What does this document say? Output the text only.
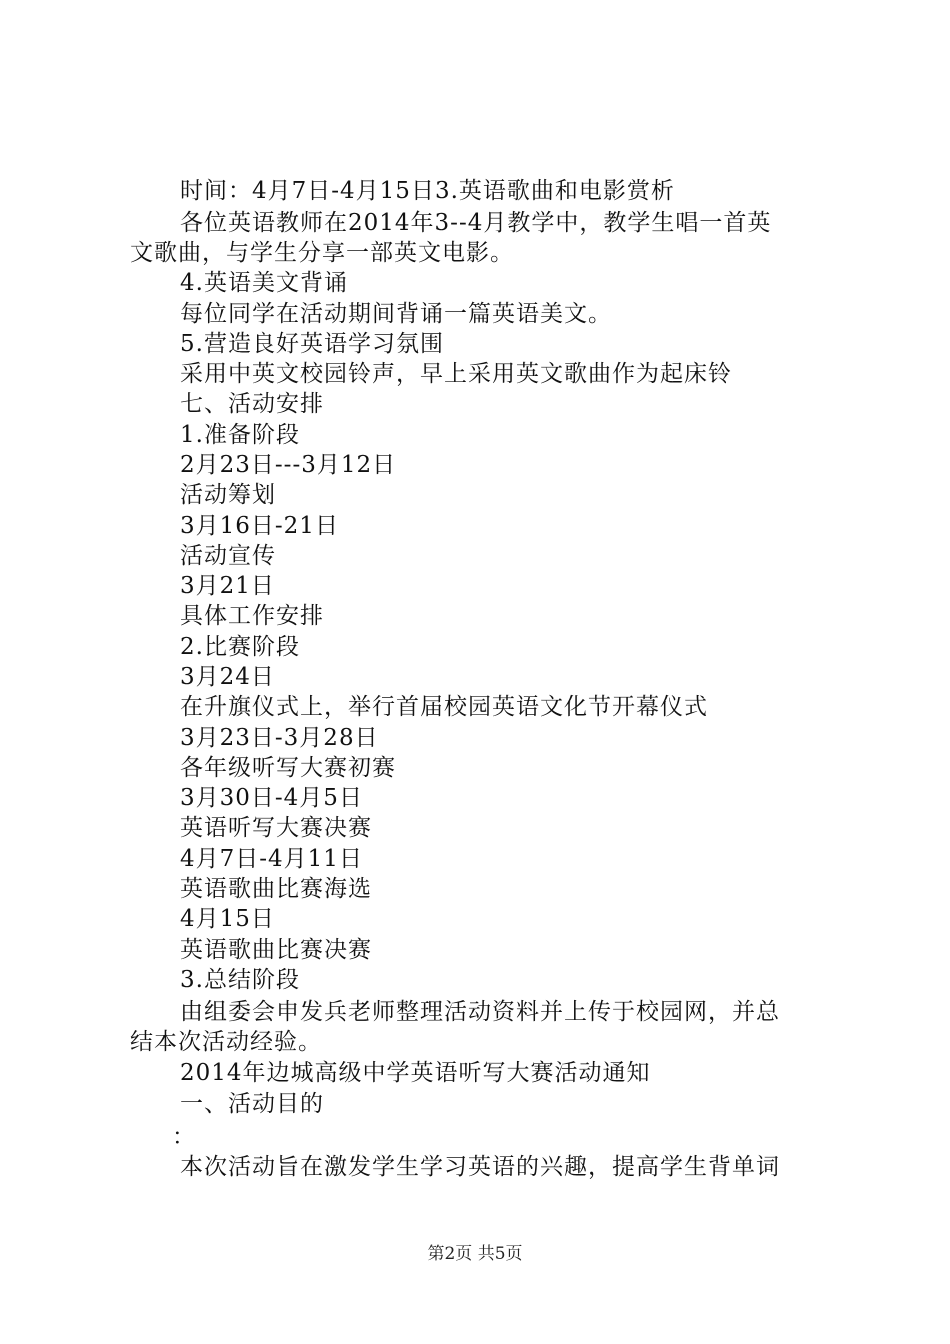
时间：4月7日-4月15日3.英语歌曲和电影赏析
各位英语教师在2014年3--4月教学中，教学生唱一首英
文歌曲，与学生分享一部英文电影。
4.英语美文背诵
每位同学在活动期间背诵一篇英语美文。
5.营造良好英语学习氛围
采用中英文校园铃声，早上采用英文歌曲作为起床铃
七、活动安排
1.准备阶段
2月23日---3月12日
活动筹划
3月16日-21日
活动宣传
3月21日
具体工作安排
2.比赛阶段
3月24日
在升旗仪式上，举行首届校园英语文化节开幕仪式
3月23日-3月28日
各年级听写大赛初赛
3月30日-4月5日
英语听写大赛决赛
4月7日-4月11日
英语歌曲比赛海选
4月15日
英语歌曲比赛决赛
3.总结阶段
由组委会申发兵老师整理活动资料并上传于校园网，并总
结本次活动经验。
2014年边城高级中学英语听写大赛活动通知
一、活动目的
：
本次活动旨在激发学生学习英语的兴趣，提高学生背单词
第2页 共5页
